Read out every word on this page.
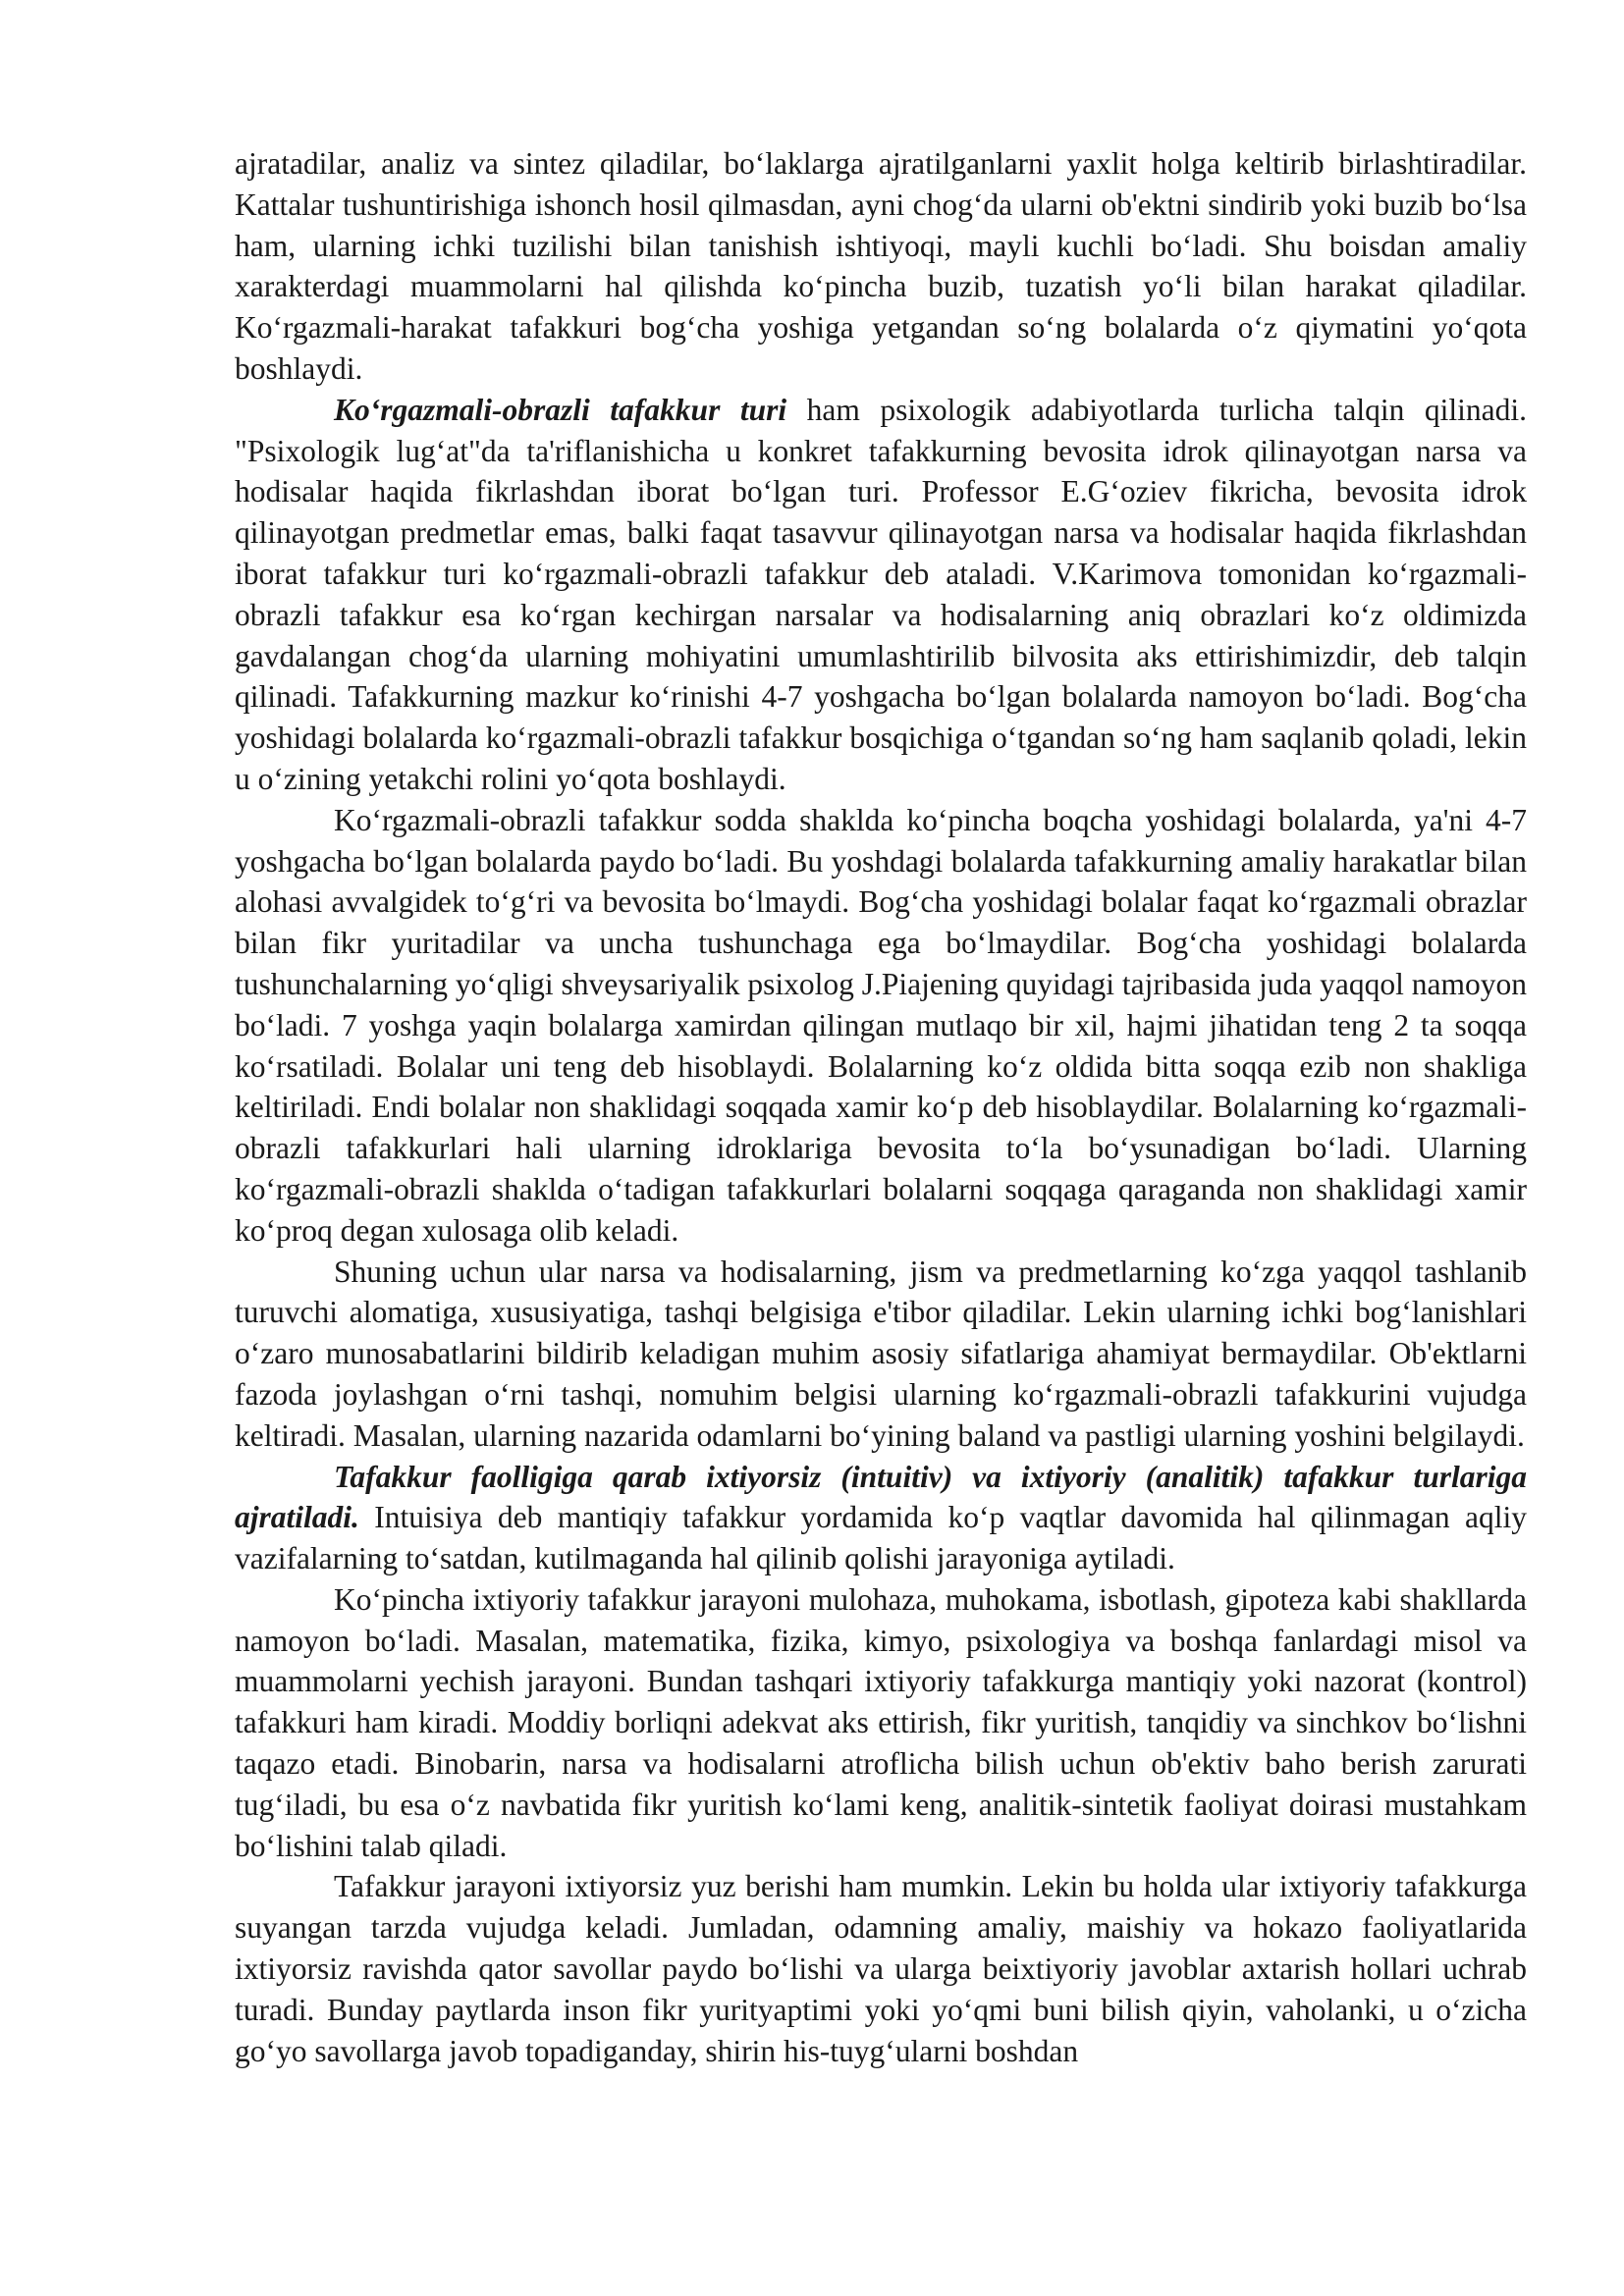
ajratadilar, analiz va sintez qiladilar, bo‘laklarga ajratilganlarni yaxlit holga keltirib birlashtiradilar. Kattalar tushuntirishiga ishonch hosil qilmasdan, ayni chog‘da ularni ob'ektni sindirib yoki buzib bo‘lsa ham, ularning ichki tuzilishi bilan tanishish ishtiyoqi, mayli kuchli bo‘ladi. Shu boisdan amaliy xarakterdagi muammolarni hal qilishda ko‘pincha buzib, tuzatish yo‘li bilan harakat qiladilar. Ko‘rgazmali-harakat tafakkuri bog‘cha yoshiga yetgandan so‘ng bolalarda o‘z qiymatini yo‘qota boshlaydi.

Ko‘rgazmali-obrazli tafakkur turi ham psixologik adabiyotlarda turlicha talqin qilinadi. "Psixologik lug‘at"da ta'riflanishicha u konkret tafakkurning bevosita idrok qilinayotgan narsa va hodisalar haqida fikrlashdan iborat bo‘lgan turi. Professor E.G‘oziev fikricha, bevosita idrok qilinayotgan predmetlar emas, balki faqat tasavvur qilinayotgan narsa va hodisalar haqida fikrlashdan iborat tafakkur turi ko‘rgazmali-obrazli tafakkur deb ataladi. V.Karimova tomonidan ko‘rgazmali-obrazli tafakkur esa ko‘rgan kechirgan narsalar va hodisalarning aniq obrazlari ko‘z oldimizda gavdalangan chog‘da ularning mohiyatini umumlashtirilib bilvosita aks ettirishimizdir, deb talqin qilinadi. Tafakkurning mazkur ko‘rinishi 4-7 yoshgacha bo‘lgan bolalarda namoyon bo‘ladi. Bog‘cha yoshidagi bolalarda ko‘rgazmali-obrazli tafakkur bosqichiga o‘tgandan so‘ng ham saqlanib qoladi, lekin u o‘zining yetakchi rolini yo‘qota boshlaydi.

Ko‘rgazmali-obrazli tafakkur sodda shaklda ko‘pincha boqcha yoshidagi bolalarda, ya'ni 4-7 yoshgacha bo‘lgan bolalarda paydo bo‘ladi. Bu yoshdagi bolalarda tafakkurning amaliy harakatlar bilan alohasi avvalgidek to‘g‘ri va bevosita bo‘lmaydi. Bog‘cha yoshidagi bolalar faqat ko‘rgazmali obrazlar bilan fikr yuritadilar va uncha tushunchaga ega bo‘lmaydilar. Bog‘cha yoshidagi bolalarda tushunchalarning yo‘qligi shveysariyalik psixolog J.Piajening quyidagi tajribasida juda yaqqol namoyon bo‘ladi. 7 yoshga yaqin bolalarga xamirdan qilingan mutlaqo bir xil, hajmi jihatidan teng 2 ta soqqa ko‘rsatiladi. Bolalar uni teng deb hisoblaydi. Bolalarning ko‘z oldida bitta soqqa ezib non shakliga keltiriladi. Endi bolalar non shaklidagi soqqada xamir ko‘p deb hisoblaydilar. Bolalarning ko‘rgazmali-obrazli tafakkurlari hali ularning idroklariga bevosita to‘la bo‘ysunadigan bo‘ladi. Ularning ko‘rgazmali-obrazli shaklda o‘tadigan tafakkurlari bolalarni soqqaga qaraganda non shaklidagi xamir ko‘proq degan xulosaga olib keladi.

Shuning uchun ular narsa va hodisalarning, jism va predmetlarning ko‘zga yaqqol tashlanib turuvchi alomatiga, xususiyatiga, tashqi belgisiga e'tibor qiladilar. Lekin ularning ichki bog‘lanishlari o‘zaro munosabatlarini bildirib keladigan muhim asosiy sifatlariga ahamiyat bermaydilar. Ob'ektlarni fazoda joylashgan o‘rni tashqi, nomuhim belgisi ularning ko‘rgazmali-obrazli tafakkurini vujudga keltiradi. Masalan, ularning nazarida odamlarni bo‘yining baland va pastligi ularning yoshini belgilaydi.

Tafakkur faolligiga qarab ixtiyorsiz (intuitiv) va ixtiyoriy (analitik) tafakkur turlariga ajratiladi. Intuisiya deb mantiqiy tafakkur yordamida ko‘p vaqtlar davomida hal qilinmagan aqliy vazifalarning to‘satdan, kutilmaganda hal qilinib qolishi jarayoniga aytiladi.

Ko‘pincha ixtiyoriy tafakkur jarayoni mulohaza, muhokama, isbotlash, gipoteza kabi shakllarda namoyon bo‘ladi. Masalan, matematika, fizika, kimyo, psixologiya va boshqa fanlardagi misol va muammolarni yechish jarayoni. Bundan tashqari ixtiyoriy tafakkurga mantiqiy yoki nazorat (kontrol) tafakkuri ham kiradi. Moddiy borliqni adekvat aks ettirish, fikr yuritish, tanqidiy va sinchkov bo‘lishni taqazo etadi. Binobarin, narsa va hodisalarni atroflicha bilish uchun ob'ektiv baho berish zarurati tug‘iladi, bu esa o‘z navbatida fikr yuritish ko‘lami keng, analitik-sintetik faoliyat doirasi mustahkam bo‘lishini talab qiladi.

Tafakkur jarayoni ixtiyorsiz yuz berishi ham mumkin. Lekin bu holda ular ixtiyoriy tafakkurga suyangan tarzda vujudga keladi. Jumladan, odamning amaliy, maishiy va hokazo faoliyatlarida ixtiyorsiz ravishda qator savollar paydo bo‘lishi va ularga beixtiyoriy javoblar axtarish hollari uchrab turadi. Bunday paytlarda inson fikr yurityaptimi yoki yo‘qmi buni bilish qiyin, vaholanki, u o‘zicha go‘yo savollarga javob topadiganday, shirin his-tuyg‘ularni boshdan
